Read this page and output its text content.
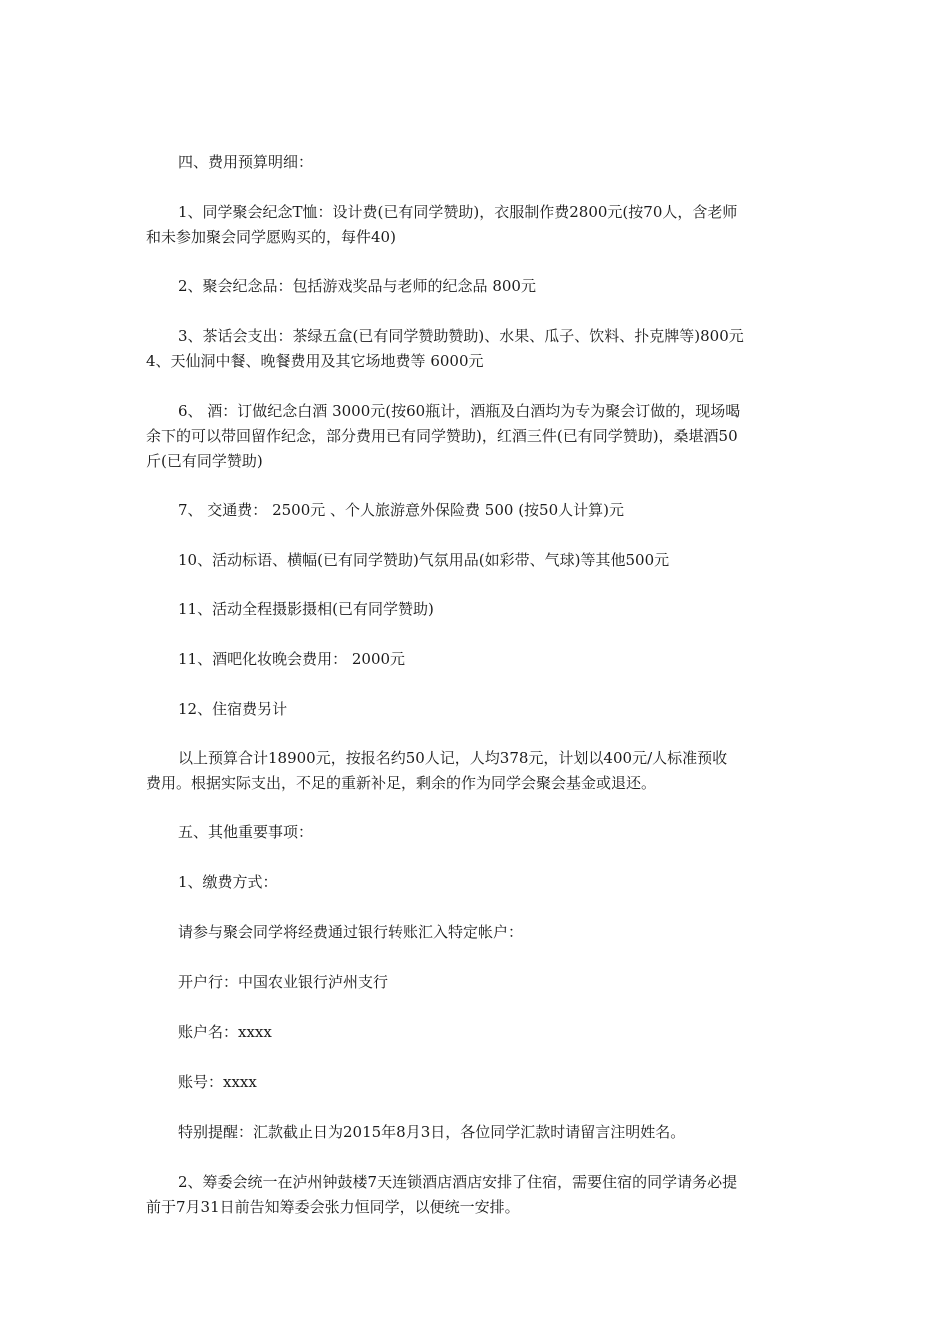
四、费用预算明细：
1、同学聚会纪念T恤：设计费(已有同学赞助)，衣服制作费2800元(按70人，含老师
和未参加聚会同学愿购买的，每件40)
2、聚会纪念品：包括游戏奖品与老师的纪念品 800元
3、茶话会支出：茶绿五盒(已有同学赞助赞助)、水果、瓜子、饮料、扑克牌等)800元
4、天仙洞中餐、晚餐费用及其它场地费等 6000元
6、 酒：订做纪念白酒 3000元(按60瓶计，酒瓶及白酒均为专为聚会订做的，现场喝
余下的可以带回留作纪念，部分费用已有同学赞助)，红酒三件(已有同学赞助)，桑堪酒50
斤(已有同学赞助)
7、 交通费： 2500元 、个人旅游意外保险费 500 (按50人计算)元
10、活动标语、横幅(已有同学赞助)气氛用品(如彩带、气球)等其他500元
11、活动全程摄影摄相(已有同学赞助)
11、酒吧化妆晚会费用： 2000元
12、住宿费另计
以上预算合计18900元，按报名约50人记，人均378元，计划以400元/人标准预收
费用。根据实际支出，不足的重新补足，剩余的作为同学会聚会基金或退还。
五、其他重要事项：
1、缴费方式：
请参与聚会同学将经费通过银行转账汇入特定帐户：
开户行：中国农业银行泸州支行
账户名：xxxx
账号：xxxx
特别提醒：汇款截止日为2015年8月3日，各位同学汇款时请留言注明姓名。
2、筹委会统一在泸州钟鼓楼7天连锁酒店酒店安排了住宿，需要住宿的同学请务必提
前于7月31日前告知筹委会张力恒同学，以便统一安排。
